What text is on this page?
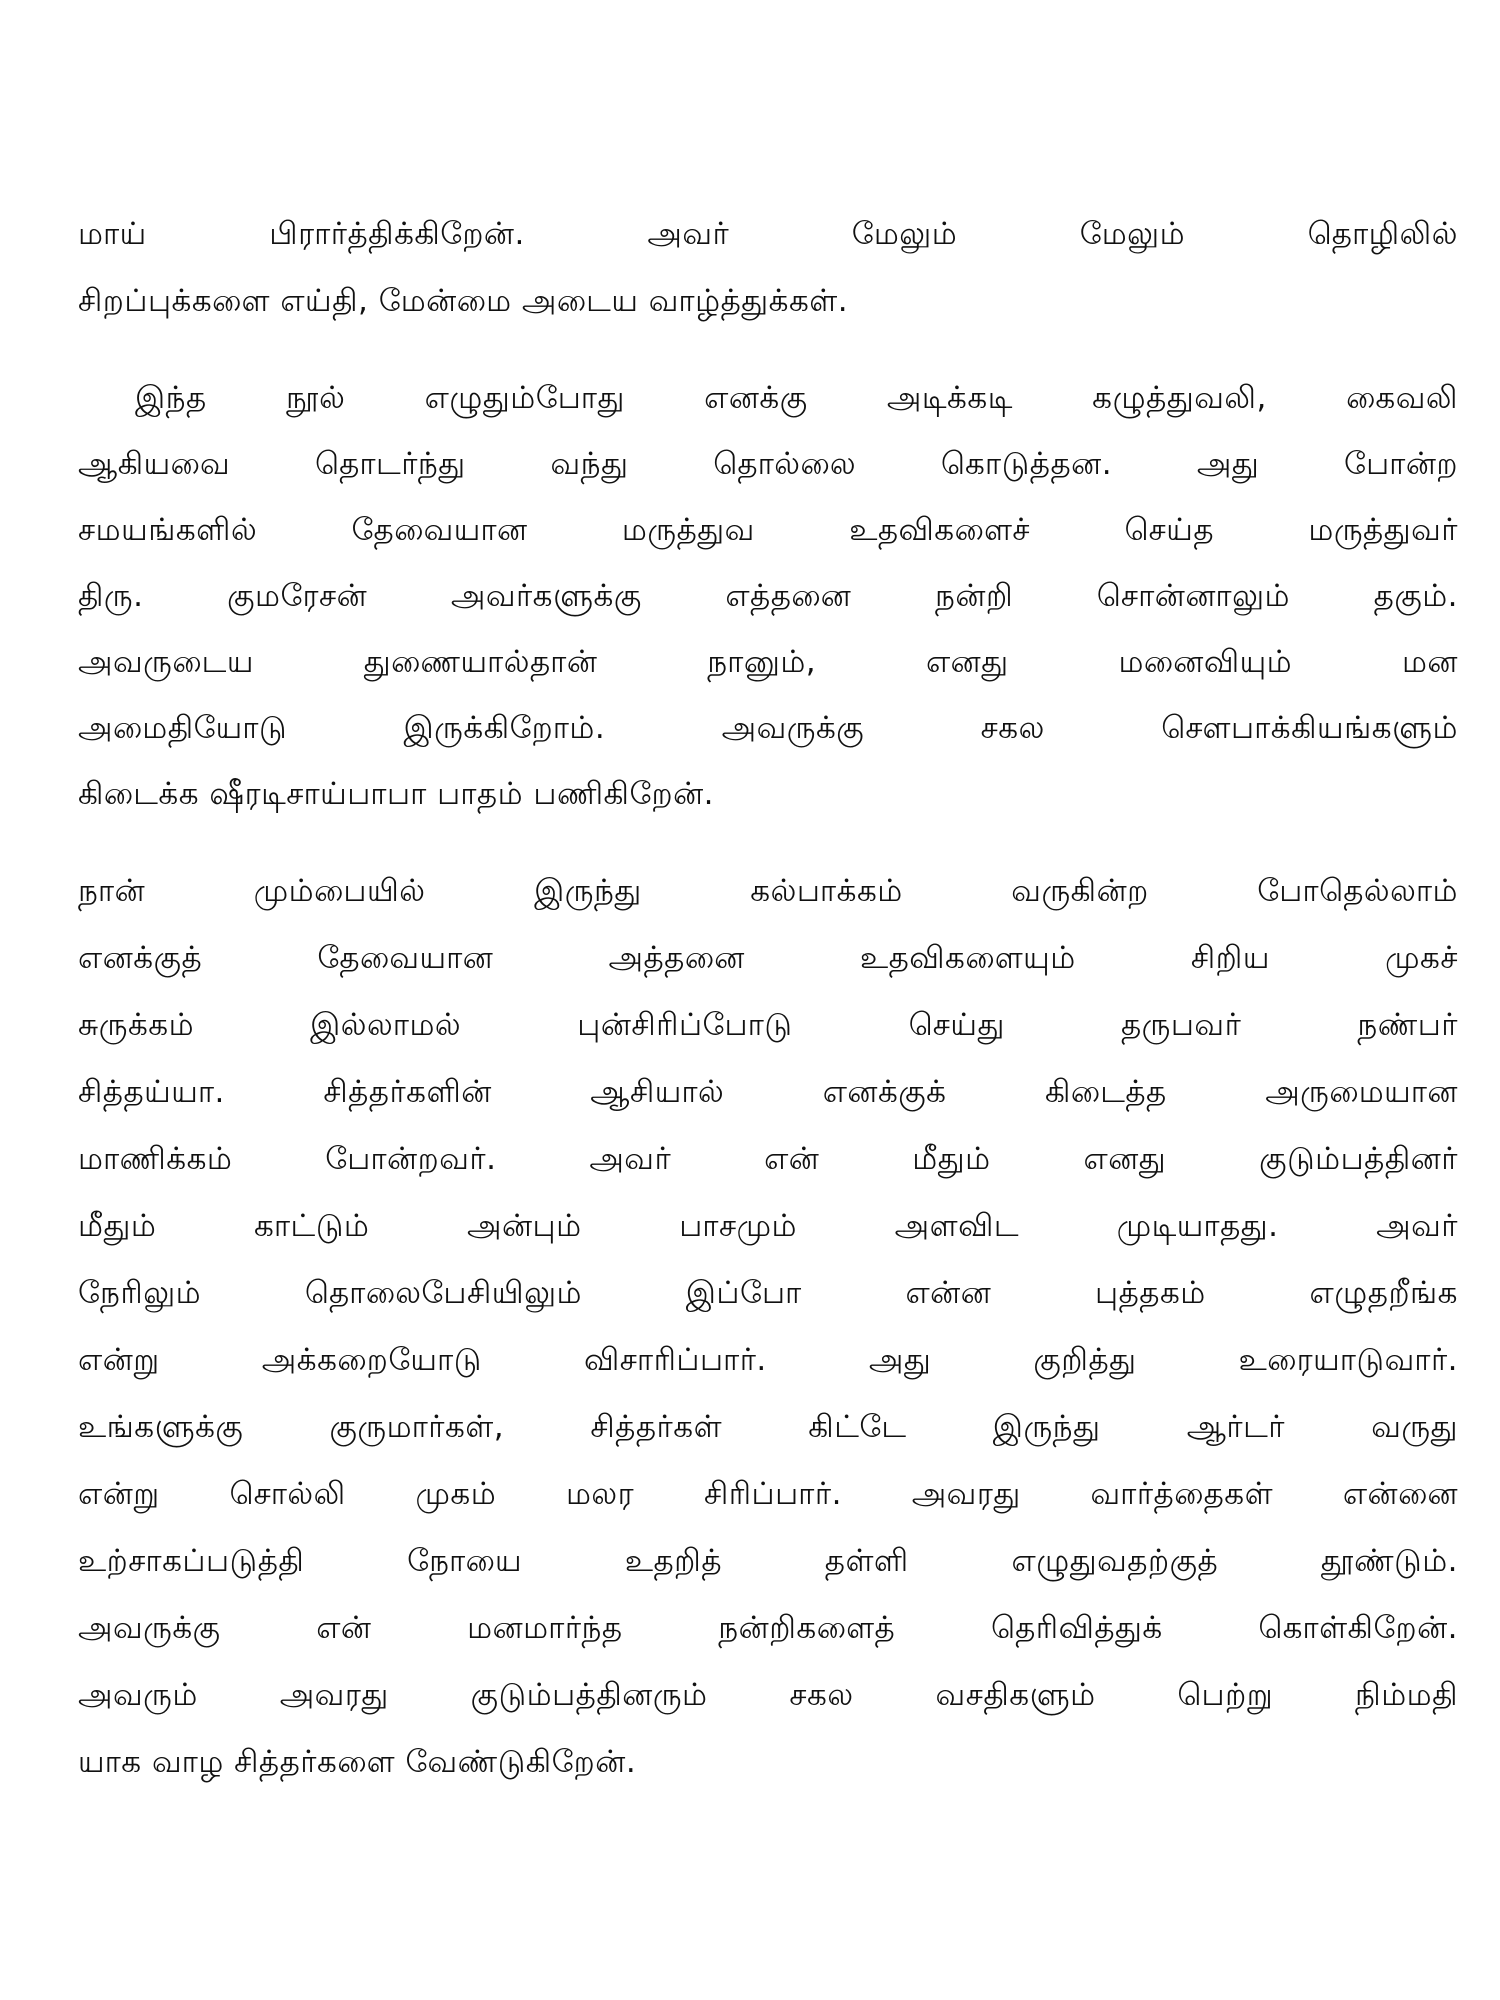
மாய் பிரார்த்திக்கிறேன். அவர் மேலும் மேலும் தொழிலில்
சிறப்புக்களை எய்தி, மேன்மை அடைய வாழ்த்துக்கள்.
இந்த நூல் எழுதும்போது எனக்கு அடிக்கடி கழுத்துவலி, கைவலி
ஆகியவை தொடர்ந்து வந்து தொல்லை கொடுத்தன. அது போன்ற
சமயங்களில் தேவையான மருத்துவ உதவிகளைச் செய்த மருத்துவர்
திரு. குமரேசன் அவர்களுக்கு எத்தனை நன்றி சொன்னாலும் தகும்.
அவருடைய துணையால்தான் நானும், எனது மனைவியும் மன
அமைதியோடு இருக்கிறோம். அவருக்கு சகல சௌபாக்கியங்களும்
கிடைக்க ஷீரடிசாய்பாபா பாதம் பணிகிறேன்.
நான் மும்பையில் இருந்து கல்பாக்கம் வருகின்ற போதெல்லாம்
எனக்குத் தேவையான அத்தனை உதவிகளையும் சிறிய முகச்
சுருக்கம் இல்லாமல் புன்சிரிப்போடு செய்து தருபவர் நண்பர்
சித்தய்யா. சித்தர்களின் ஆசியால் எனக்குக் கிடைத்த அருமையான
மாணிக்கம் போன்றவர். அவர் என் மீதும் எனது குடும்பத்தினர்
மீதும் காட்டும் அன்பும் பாசமும் அளவிட முடியாதது. அவர்
நேரிலும் தொலைபேசியிலும் இப்போ என்ன புத்தகம் எழுதறீங்க
என்று அக்கறையோடு விசாரிப்பார். அது குறித்து உரையாடுவார்.
உங்களுக்கு குருமார்கள், சித்தர்கள் கிட்டே இருந்து ஆர்டர் வருது
என்று சொல்லி முகம் மலர சிரிப்பார். அவரது வார்த்தைகள் என்னை
உற்சாகப்படுத்தி நோயை உதறித் தள்ளி எழுதுவதற்குத் தூண்டும்.
அவருக்கு என் மனமார்ந்த நன்றிகளைத் தெரிவித்துக் கொள்கிறேன்.
அவரும் அவரது குடும்பத்தினரும் சகல வசதிகளும் பெற்று நிம்மதி
யாக வாழ சித்தர்களை வேண்டுகிறேன்.
